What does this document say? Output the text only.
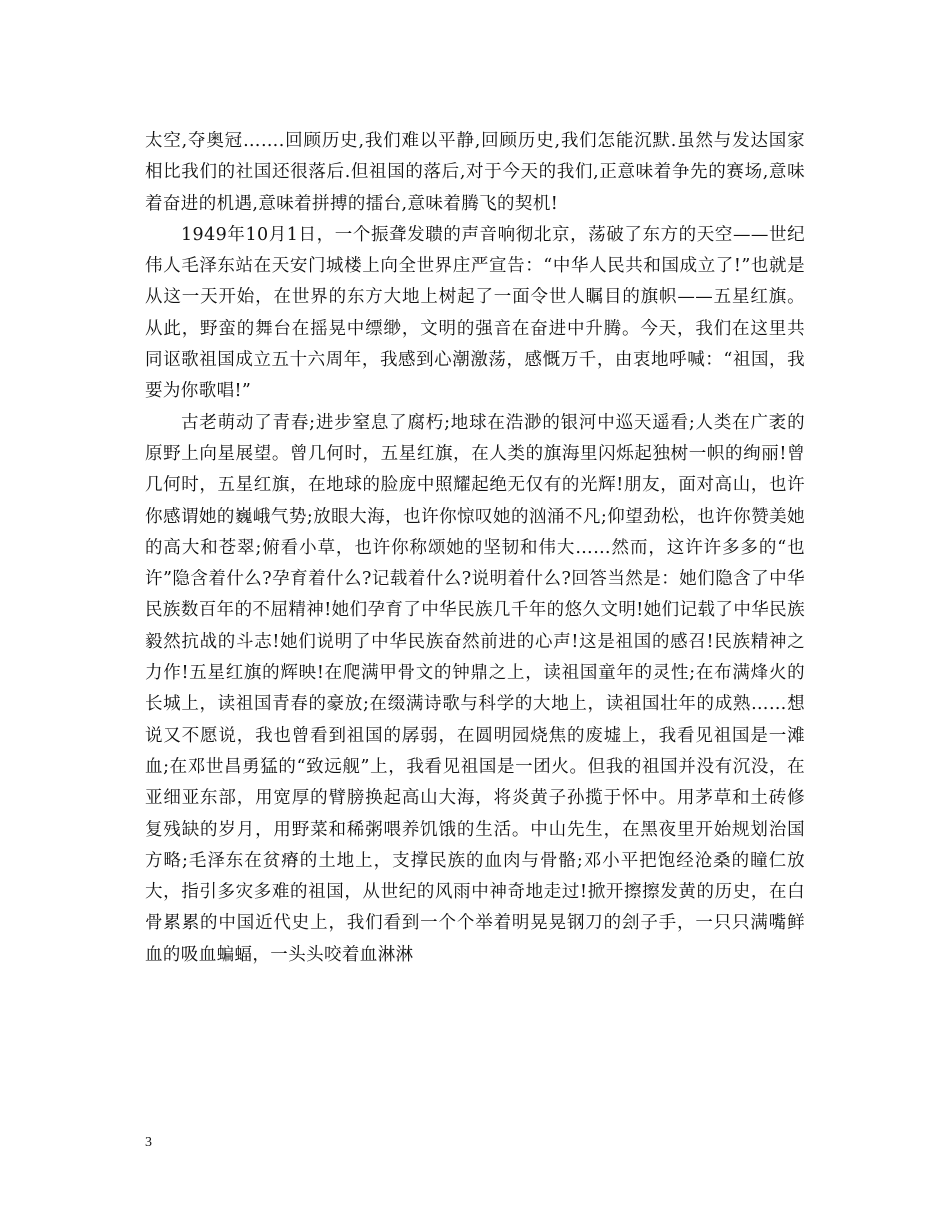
太空,夺奥冠…….回顾历史,我们难以平静,回顾历史,我们怎能沉默.虽然与发达国家相比我们的社国还很落后.但祖国的落后,对于今天的我们,正意味着争先的赛场,意味着奋进的机遇,意味着拼搏的擂台,意味着腾飞的契机!

1949年10月1日，一个振聋发聩的声音响彻北京，荡破了东方的天空——世纪伟人毛泽东站在天安门城楼上向全世界庄严宣告：“中华人民共和国成立了!”也就是从这一天开始，在世界的东方大地上树起了一面令世人瞩目的旗帜——五星红旗。从此，野蛮的舞台在摇晃中缥缈，文明的强音在奋进中升腾。今天，我们在这里共同讴歌祖国成立五十六周年，我感到心潮激荡，感慨万千，由衷地呼喊：“祖国，我要为你歌唱!”

古老萌动了青春;进步窒息了腐朽;地球在浩渺的银河中巡天遥看;人类在广袤的原野上向星展望。曾几何时，五星红旗，在人类的旗海里闪烁起独树一帜的绚丽!曾几何时，五星红旗，在地球的脸庞中照耀起绝无仅有的光辉!朋友，面对高山，也许你感谓她的巍峨气势;放眼大海，也许你惊叹她的汹涌不凡;仰望劲松，也许你赞美她的高大和苍翠;俯看小草，也许你称颂她的坚韧和伟大……然而，这许许多多的“也许”隐含着什么?孕育着什么?记载着什么?说明着什么?回答当然是：她们隐含了中华民族数百年的不屈精神!她们孕育了中华民族几千年的悠久文明!她们记载了中华民族毅然抗战的斗志!她们说明了中华民族奋然前进的心声!这是祖国的感召!民族精神之力作!五星红旗的辉映!在爬满甲骨文的钟鼎之上，读祖国童年的灵性;在布满烽火的长城上，读祖国青春的豪放;在缀满诗歌与科学的大地上，读祖国壮年的成熟……想说又不愿说，我也曾看到祖国的孱弱，在圆明园烧焦的废墟上，我看见祖国是一滩血;在邓世昌勇猛的“致远舰”上，我看见祖国是一团火。但我的祖国并没有沉没，在亚细亚东部，用宽厚的臂膀换起高山大海，将炎黄子孙揽于怀中。用茅草和土砖修复残缺的岁月，用野菜和稀粥喂养饥饿的生活。中山先生，在黑夜里开始规划治国方略;毛泽东在贫瘠的土地上，支撑民族的血肉与骨骼;邓小平把饱经沧桑的瞳仁放大，指引多灾多难的祖国，从世纪的风雨中神奇地走过!掀开擦擦发黄的历史，在白骨累累的中国近代史上，我们看到一个个举着明晃晃钢刀的刽子手，一只只满嘴鲜血的吸血蝙蝠，一头头咬着血淋淋

3
